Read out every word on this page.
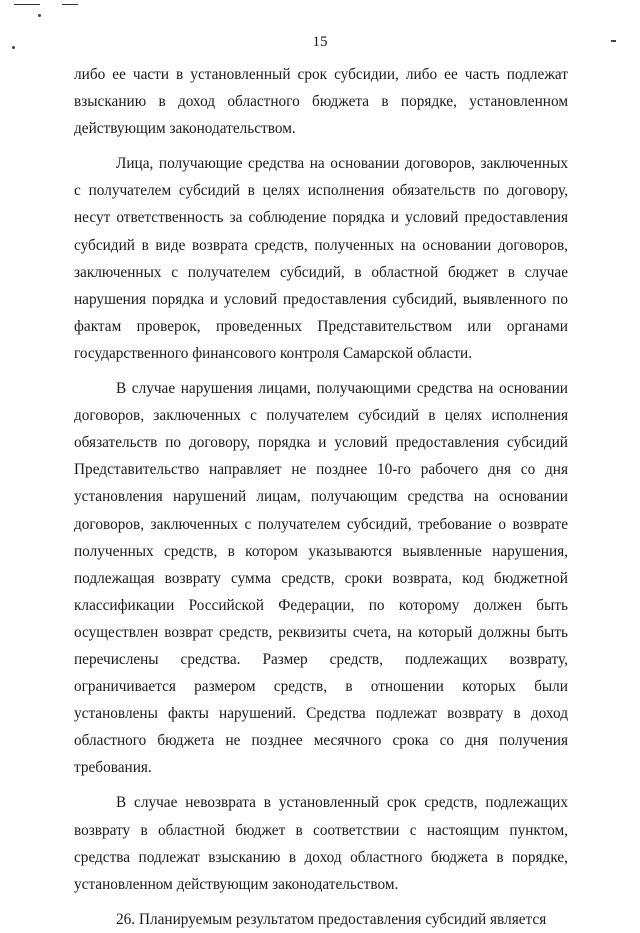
15

либо ее части в установленный срок субсидии, либо ее часть подлежат взысканию в доход областного бюджета в порядке, установленном действующим законодательством.

Лица, получающие средства на основании договоров, заключенных с получателем субсидий в целях исполнения обязательств по договору, несут ответственность за соблюдение порядка и условий предоставления субсидий в виде возврата средств, полученных на основании договоров, заключенных с получателем субсидий, в областной бюджет в случае нарушения порядка и условий предоставления субсидий, выявленного по фактам проверок, проведенных Представительством или органами государственного финансового контроля Самарской области.

В случае нарушения лицами, получающими средства на основании договоров, заключенных с получателем субсидий в целях исполнения обязательств по договору, порядка и условий предоставления субсидий Представительство направляет не позднее 10-го рабочего дня со дня установления нарушений лицам, получающим средства на основании договоров, заключенных с получателем субсидий, требование о возврате полученных средств, в котором указываются выявленные нарушения, подлежащая возврату сумма средств, сроки возврата, код бюджетной классификации Российской Федерации, по которому должен быть осуществлен возврат средств, реквизиты счета, на который должны быть перечислены средства. Размер средств, подлежащих возврату, ограничивается размером средств, в отношении которых были установлены факты нарушений. Средства подлежат возврату в доход областного бюджета не позднее месячного срока со дня получения требования.

В случае невозврата в установленный срок средств, подлежащих возврату в областной бюджет в соответствии с настоящим пунктом, средства подлежат взысканию в доход областного бюджета в порядке, установленном действующим законодательством.

26. Планируемым результатом предоставления субсидий является
